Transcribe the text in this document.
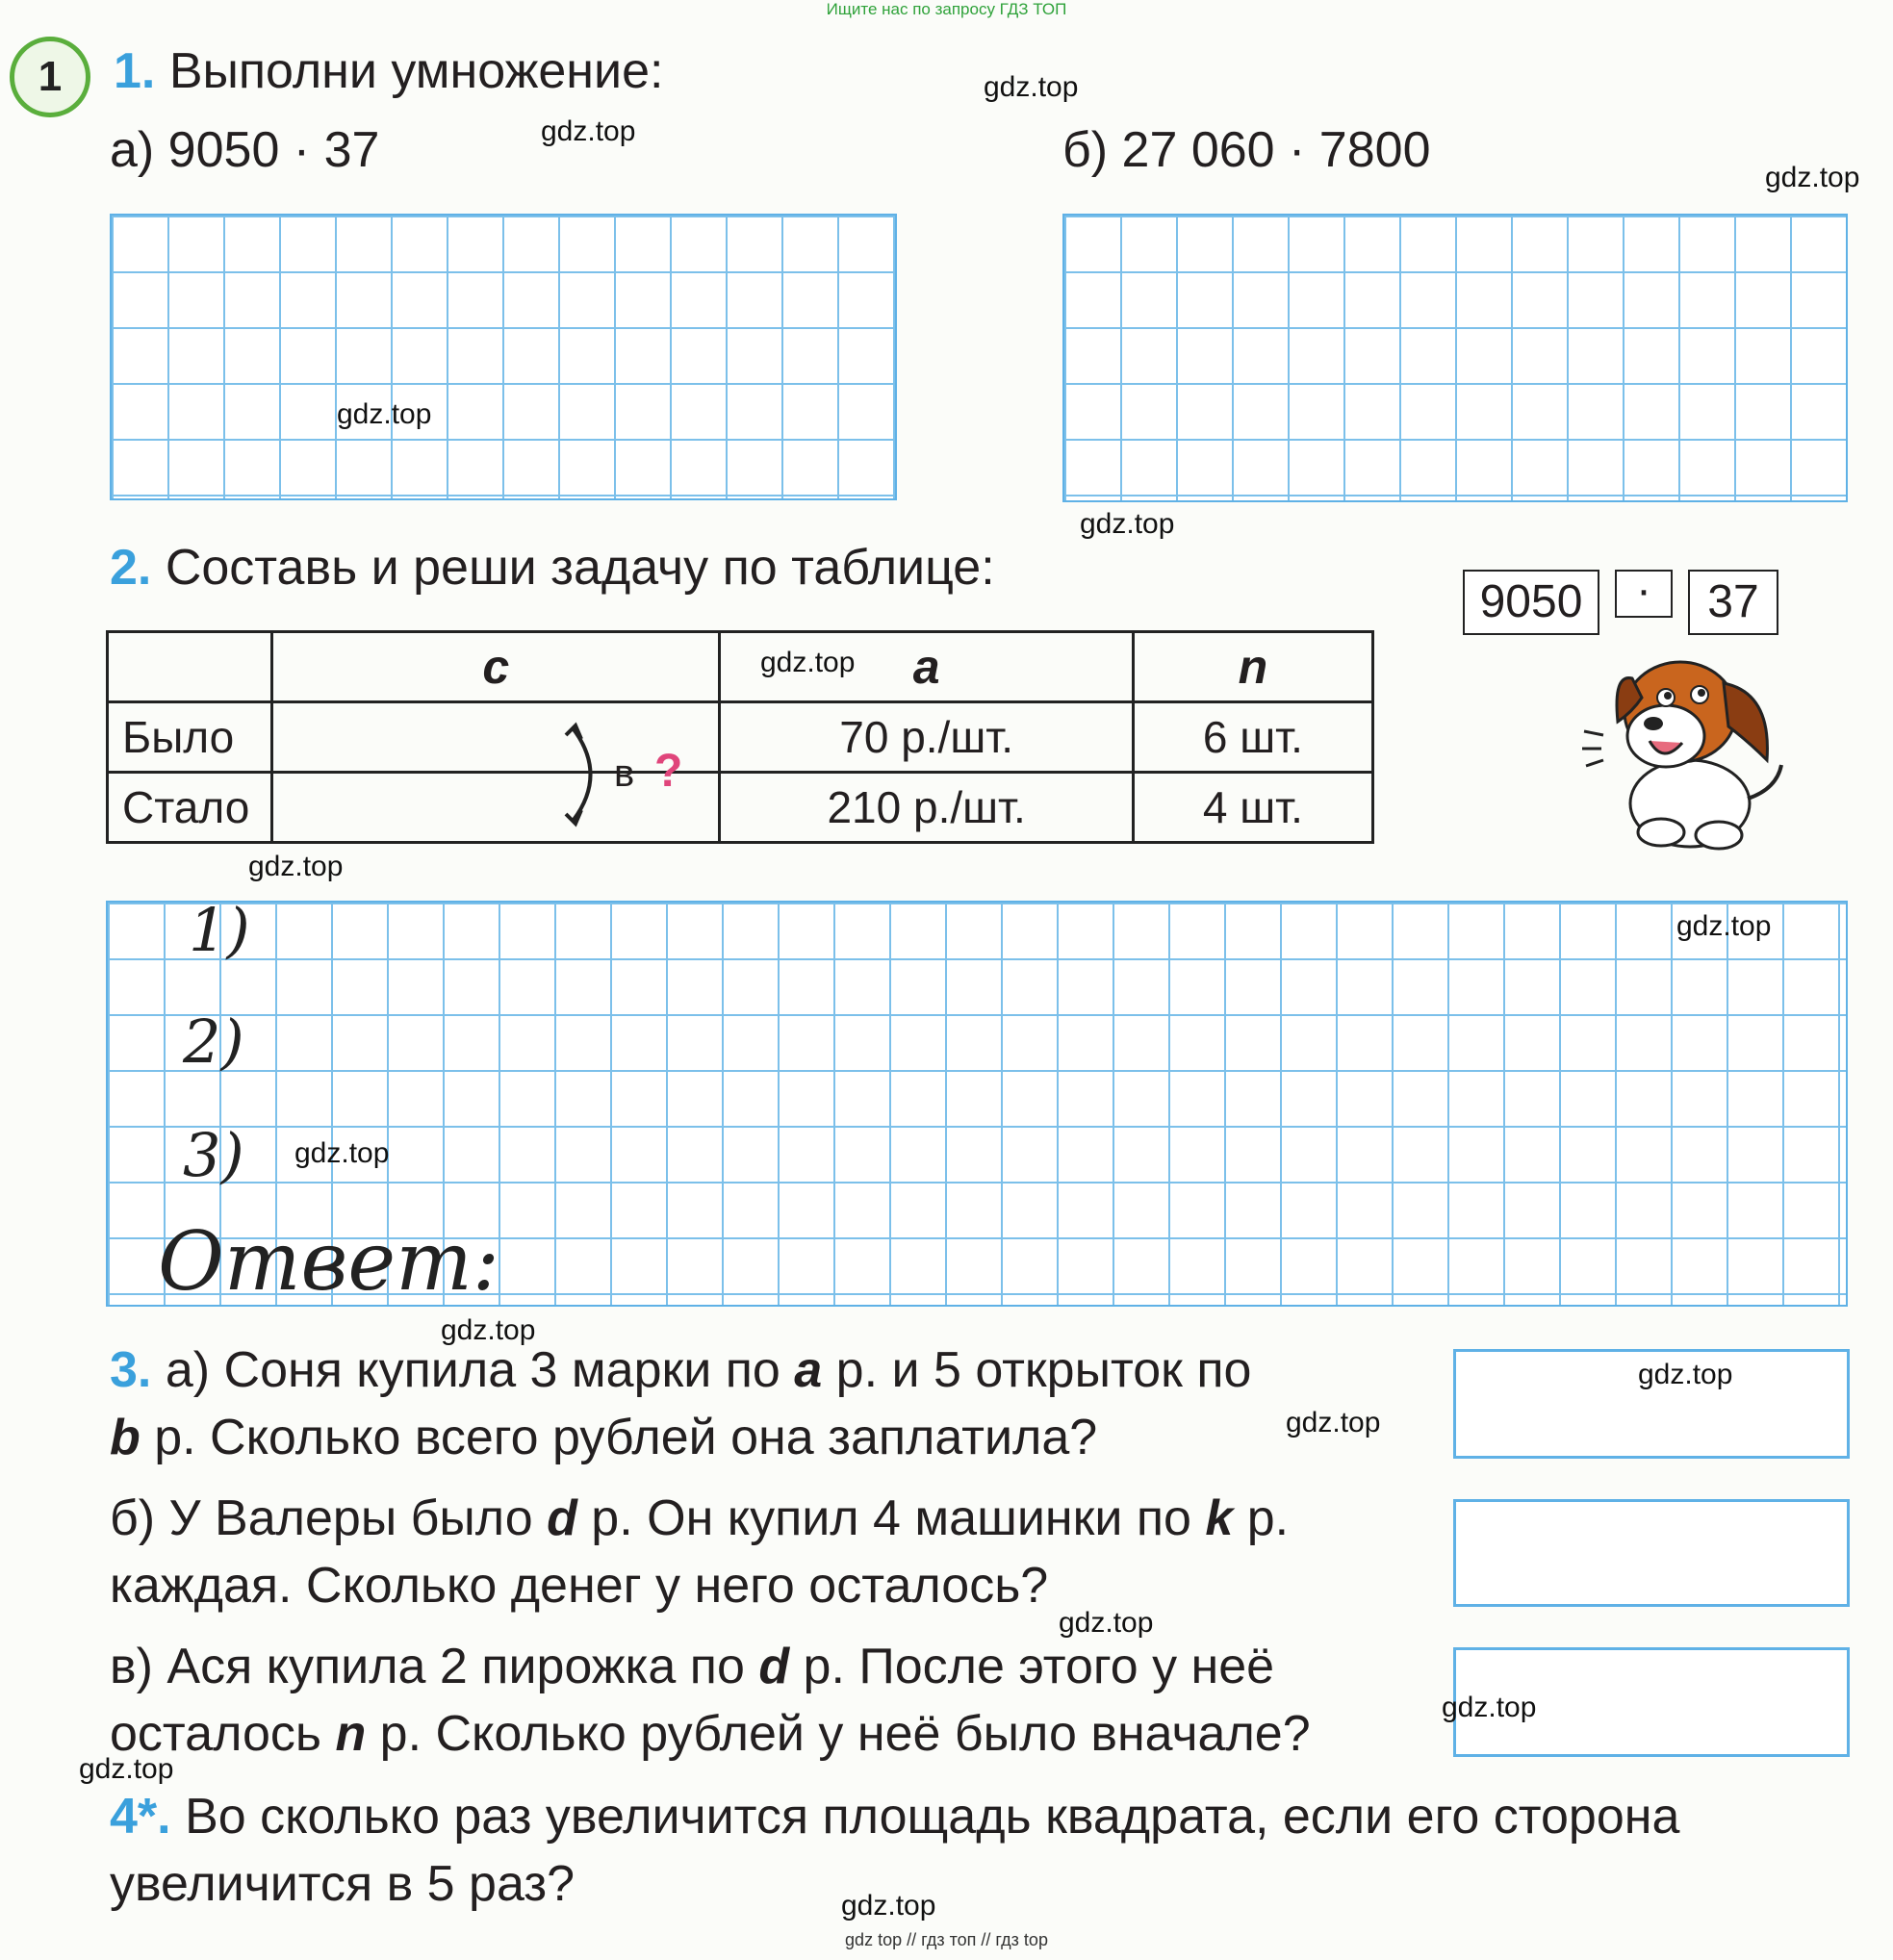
Ищите нас по запросу ГДЗ ТОП
1	1. Выполни умножение:
а) 9050 · 37	б) 27 060 · 7800
2. Составь и реши задачу по таблице:
9050	·	37
	c	a	n
Было		70 р./шт.	6 шт.
Стало		210 р./шт.	4 шт.
в ?
1)
2)
3)
Ответ:
3. а) Соня купила 3 марки по a р. и 5 открыток по
b р. Сколько всего рублей она заплатила?
б) У Валеры было d р. Он купил 4 машинки по k р.
каждая. Сколько денег у него осталось?
в) Ася купила 2 пирожка по d р. После этого у неё
осталось n р. Сколько рублей у неё было вначале?
4*. Во сколько раз увеличится площадь квадрата, если его сторона
увеличится в 5 раз?
gdz.top
gdz.top
gdz.top
gdz.top
gdz.top
gdz.top
gdz.top
gdz.top
gdz.top
gdz.top
gdz.top
gdz.top
gdz.top
gdz.top
gdz.top
gdz.top
gdz top // гдз топ // гдз top
